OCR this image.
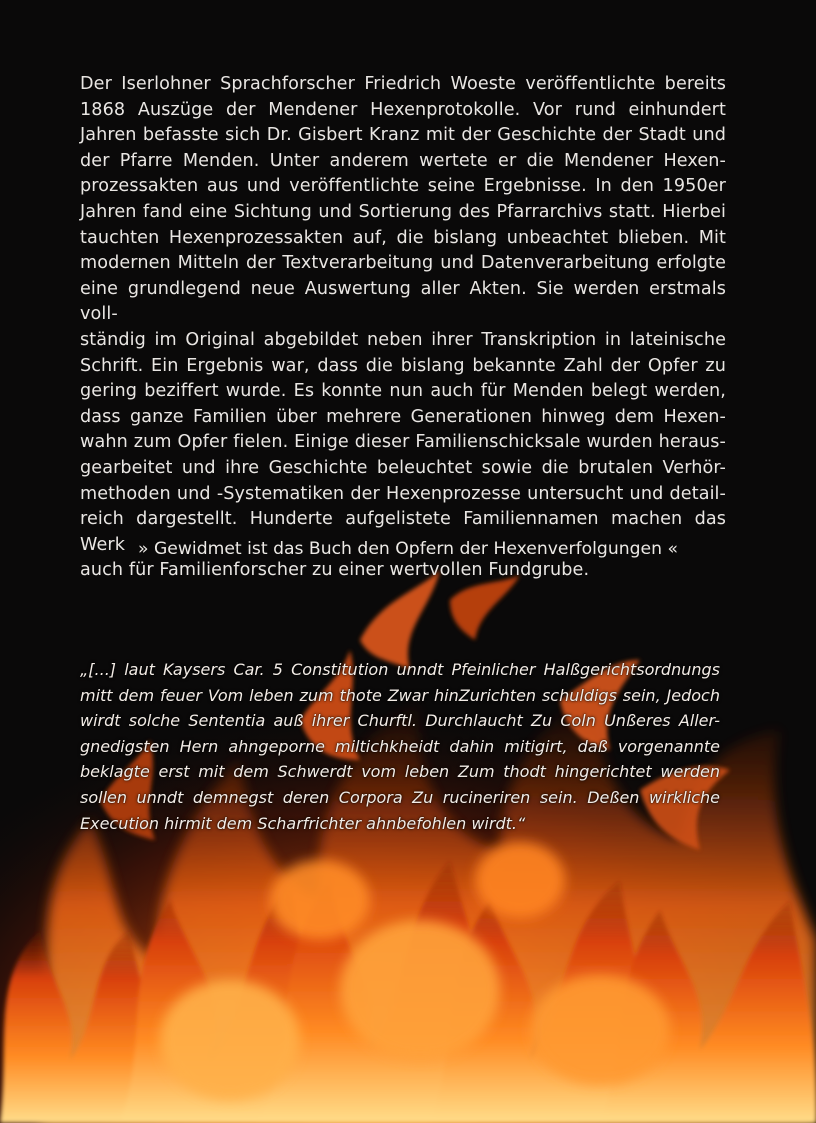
Der Iserlohner Sprachforscher Friedrich Woeste veröffentlichte bereits
1868 Auszüge der Mendener Hexenprotokolle. Vor rund einhundert
Jahren befasste sich Dr. Gisbert Kranz mit der Geschichte der Stadt und
der Pfarre Menden. Unter anderem wertete er die Mendener Hexen-
prozessakten aus und veröffentlichte seine Ergebnisse. In den 1950er
Jahren fand eine Sichtung und Sortierung des Pfarrarchivs statt. Hierbei
tauchten Hexenprozessakten auf, die bislang unbeachtet blieben. Mit
modernen Mitteln der Textverarbeitung und Datenverarbeitung erfolgte
eine grundlegend neue Auswertung aller Akten. Sie werden erstmals voll-
ständig im Original abgebildet neben ihrer Transkription in lateinische
Schrift. Ein Ergebnis war, dass die bislang bekannte Zahl der Opfer zu
gering beziffert wurde. Es konnte nun auch für Menden belegt werden,
dass ganze Familien über mehrere Generationen hinweg dem Hexen-
wahn zum Opfer fielen. Einige dieser Familienschicksale wurden heraus-
gearbeitet und ihre Geschichte beleuchtet sowie die brutalen Verhör-
methoden und -Systematiken der Hexenprozesse untersucht und detail-
reich dargestellt. Hunderte aufgelistete Familiennamen machen das Werk
auch für Familienforscher zu einer wertvollen Fundgrube.

» Gewidmet ist das Buch den Opfern der Hexenverfolgungen «

„[...] laut Kaysers Car. 5 Constitution unndt Pfeinlicher Halßgerichtsordnungs
mitt dem feuer Vom leben zum thote Zwar hinZurichten schuldigs sein, Jedoch
wirdt solche Sententia auß ihrer Churftl. Durchlaucht Zu Coln Unßeres Aller-
gnedigsten Hern ahngeporne miltichkheidt dahin mitigirt, daß vorgenannte
beklagte erst mit dem Schwerdt vom leben Zum thodt hingerichtet werden
sollen unndt demnegst deren Corpora Zu rucineriren sein. Deßen wirkliche
Execution hirmit dem Scharfrichter ahnbefohlen wirdt.“
